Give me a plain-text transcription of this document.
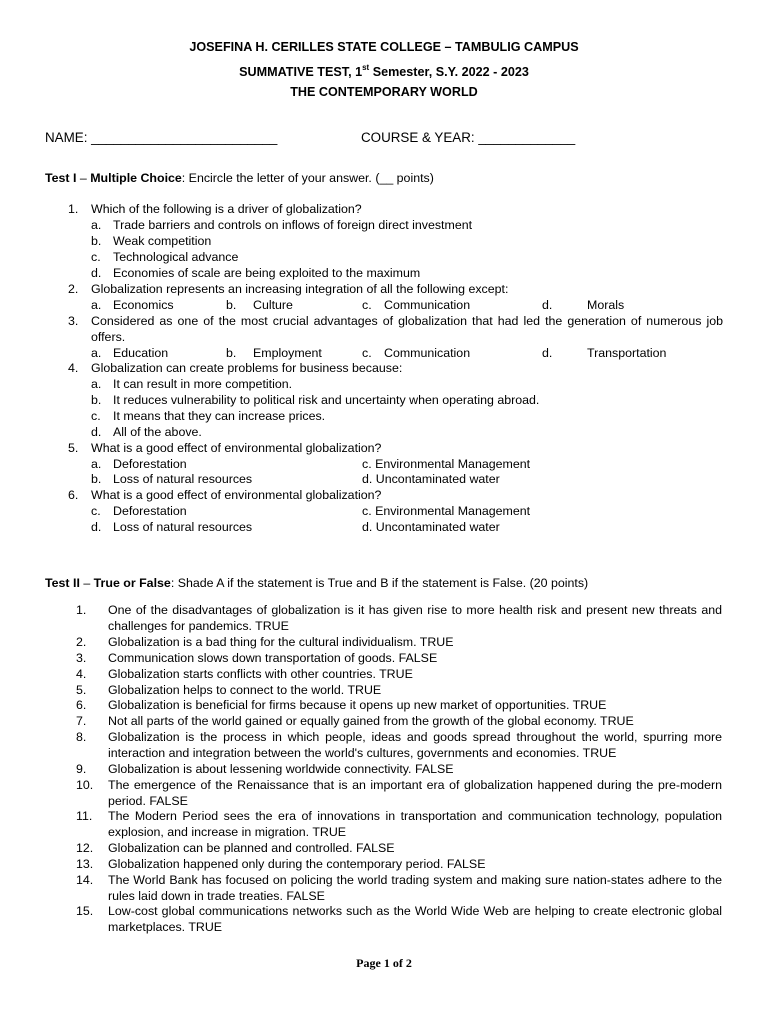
JOSEFINA H. CERILLES STATE COLLEGE – TAMBULIG CAMPUS
SUMMATIVE TEST, 1st Semester, S.Y. 2022 - 2023
THE CONTEMPORARY WORLD
NAME: _________________________	COURSE & YEAR: _____________
Test I – Multiple Choice: Encircle the letter of your answer. (__ points)
1. Which of the following is a driver of globalization?
a. Trade barriers and controls on inflows of foreign direct investment
b. Weak competition
c. Technological advance
d. Economies of scale are being exploited to the maximum
2. Globalization represents an increasing integration of all the following except:
a. Economics	b. Culture	c. Communication	d.	Morals
3. Considered as one of the most crucial advantages of globalization that had led the generation of numerous job offers.
a. Education	b. Employment	c. Communication	d.	Transportation
4. Globalization can create problems for business because:
a. It can result in more competition.
b. It reduces vulnerability to political risk and uncertainty when operating abroad.
c. It means that they can increase prices.
d. All of the above.
5. What is a good effect of environmental globalization?
a. Deforestation	c. Environmental Management
b. Loss of natural resources	d. Uncontaminated water
6. What is a good effect of environmental globalization?
c. Deforestation	c. Environmental Management
d. Loss of natural resources	d. Uncontaminated water
Test II – True or False: Shade A if the statement is True and B if the statement is False. (20 points)
1. One of the disadvantages of globalization is it has given rise to more health risk and present new threats and challenges for pandemics. TRUE
2. Globalization is a bad thing for the cultural individualism. TRUE
3. Communication slows down transportation of goods. FALSE
4. Globalization starts conflicts with other countries. TRUE
5. Globalization helps to connect to the world. TRUE
6. Globalization is beneficial for firms because it opens up new market of opportunities. TRUE
7. Not all parts of the world gained or equally gained from the growth of the global economy. TRUE
8. Globalization is the process in which people, ideas and goods spread throughout the world, spurring more interaction and integration between the world's cultures, governments and economies. TRUE
9. Globalization is about lessening worldwide connectivity. FALSE
10. The emergence of the Renaissance that is an important era of globalization happened during the pre-modern period. FALSE
11. The Modern Period sees the era of innovations in transportation and communication technology, population explosion, and increase in migration. TRUE
12. Globalization can be planned and controlled. FALSE
13. Globalization happened only during the contemporary period. FALSE
14. The World Bank has focused on policing the world trading system and making sure nation-states adhere to the rules laid down in trade treaties. FALSE
15. Low-cost global communications networks such as the World Wide Web are helping to create electronic global marketplaces. TRUE
Page 1 of 2
